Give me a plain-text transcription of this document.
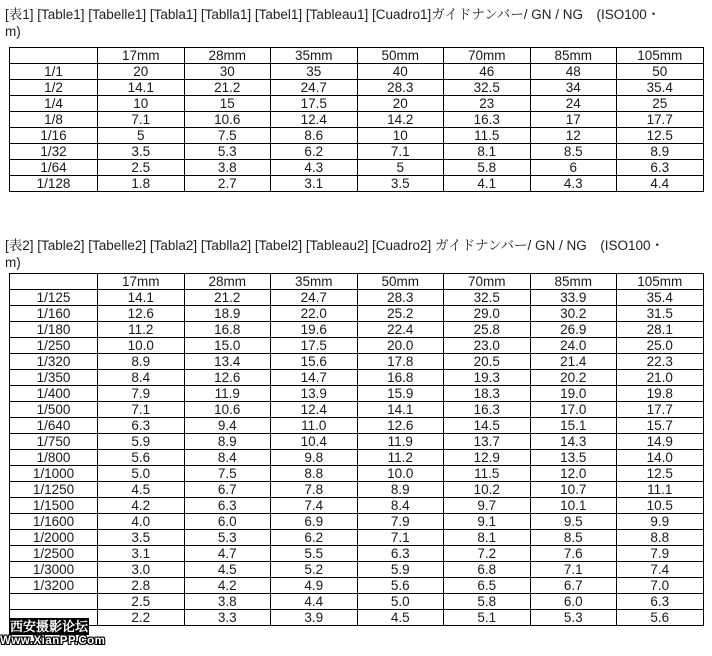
[表1] [Table1] [Tabelle1] [Tabla1] [Tablla1] [Tabel1] [Tableau1] [Cuadro1]ガイドナンバー/ GN / NG　(ISO100・
m)
	17mm	28mm	35mm	50mm	70mm	85mm	105mm
1/1	20	30	35	40	46	48	50
1/2	14.1	21.2	24.7	28.3	32.5	34	35.4
1/4	10	15	17.5	20	23	24	25
1/8	7.1	10.6	12.4	14.2	16.3	17	17.7
1/16	5	7.5	8.6	10	11.5	12	12.5
1/32	3.5	5.3	6.2	7.1	8.1	8.5	8.9
1/64	2.5	3.8	4.3	5	5.8	6	6.3
1/128	1.8	2.7	3.1	3.5	4.1	4.3	4.4
[表2] [Table2] [Tabelle2] [Tabla2] [Tablla2] [Tabel2] [Tableau2] [Cuadro2] ガイドナンバー/ GN / NG　(ISO100・
m)
	17mm	28mm	35mm	50mm	70mm	85mm	105mm
1/125	14.1	21.2	24.7	28.3	32.5	33.9	35.4
1/160	12.6	18.9	22.0	25.2	29.0	30.2	31.5
1/180	11.2	16.8	19.6	22.4	25.8	26.9	28.1
1/250	10.0	15.0	17.5	20.0	23.0	24.0	25.0
1/320	8.9	13.4	15.6	17.8	20.5	21.4	22.3
1/350	8.4	12.6	14.7	16.8	19.3	20.2	21.0
1/400	7.9	11.9	13.9	15.9	18.3	19.0	19.8
1/500	7.1	10.6	12.4	14.1	16.3	17.0	17.7
1/640	6.3	9.4	11.0	12.6	14.5	15.1	15.7
1/750	5.9	8.9	10.4	11.9	13.7	14.3	14.9
1/800	5.6	8.4	9.8	11.2	12.9	13.5	14.0
1/1000	5.0	7.5	8.8	10.0	11.5	12.0	12.5
1/1250	4.5	6.7	7.8	8.9	10.2	10.7	11.1
1/1500	4.2	6.3	7.4	8.4	9.7	10.1	10.5
1/1600	4.0	6.0	6.9	7.9	9.1	9.5	9.9
1/2000	3.5	5.3	6.2	7.1	8.1	8.5	8.8
1/2500	3.1	4.7	5.5	6.3	7.2	7.6	7.9
1/3000	3.0	4.5	5.2	5.9	6.8	7.1	7.4
1/3200	2.8	4.2	4.9	5.6	6.5	6.7	7.0
	2.5	3.8	4.4	5.0	5.8	6.0	6.3
	2.2	3.3	3.9	4.5	5.1	5.3	5.6
西安摄影论坛
Www.XianPP.Com
